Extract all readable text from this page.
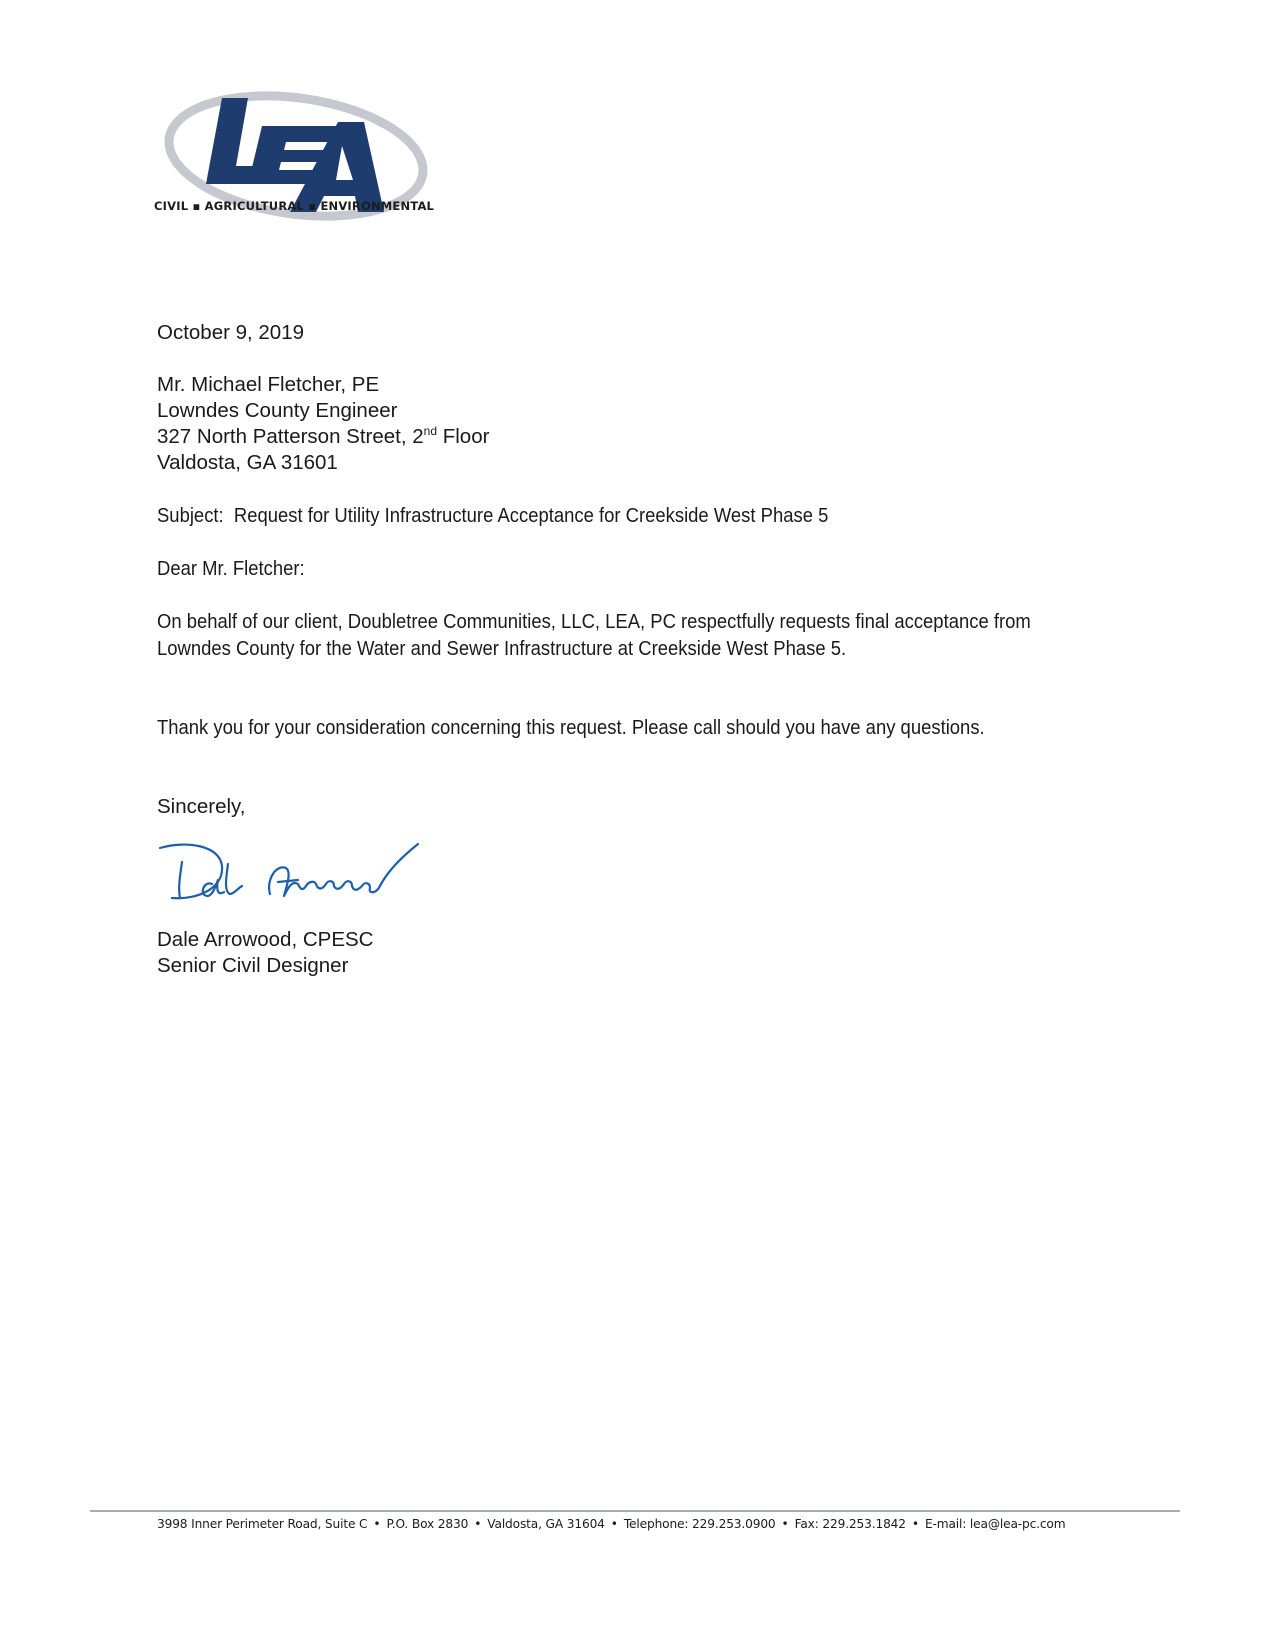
CIVIL ▪ AGRICULTURAL ▪ ENVIRONMENTAL
October 9, 2019
Mr. Michael Fletcher, PE
Lowndes County Engineer
327 North Patterson Street, 2nd Floor
Valdosta, GA 31601
Subject:  Request for Utility Infrastructure Acceptance for Creekside West Phase 5
Dear Mr. Fletcher:
On behalf of our client, Doubletree Communities, LLC, LEA, PC respectfully requests final acceptance from Lowndes County for the Water and Sewer Infrastructure at Creekside West Phase 5.
Thank you for your consideration concerning this request. Please call should you have any questions.
Sincerely,
Dale Arrowood, CPESC
Senior Civil Designer
3998 Inner Perimeter Road, Suite C • P.O. Box 2830 • Valdosta, GA 31604 • Telephone: 229.253.0900 • Fax: 229.253.1842 • E-mail: lea@lea-pc.com
